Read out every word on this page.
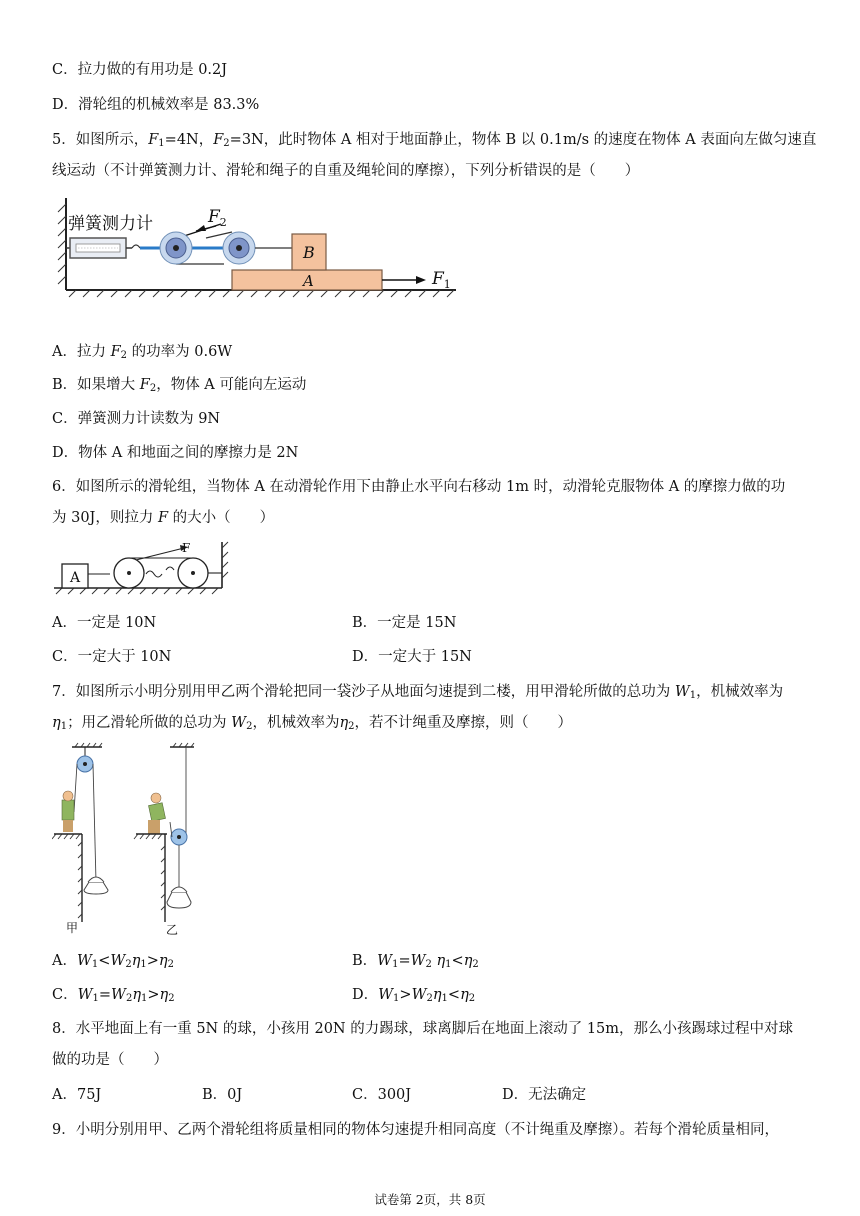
C．拉力做的有用功是 0.2J
D．滑轮组的机械效率是 83.3%
5．如图所示，$F_1=4N$，$F_2=3N$，此时物体 A 相对于地面静止，物体 B 以 0.1m/s 的速度在物体 A 表面向左做匀速直
线运动（不计弹簧测力计、滑轮和绳子的自重及绳轮间的摩擦），下列分析错误的是（　　）
弹簧测力计	$F_2$
$F_1$
B
A
A．拉力 $F_2$ 的功率为 0.6W
B．如果增大 $F_2$，物体 A 可能向左运动
C．弹簧测力计读数为 9N
D．物体 A 和地面之间的摩擦力是 2N
6．如图所示的滑轮组，当物体 A 在动滑轮作用下由静止水平向右移动 1m 时，动滑轮克服物体 A 的摩擦力做的功
为 30J，则拉力 F 的大小（　　）
A
F
A．一定是 10N	B．一定是 15N
C．一定大于 10N	D．一定大于 15N
7．如图所示小明分别用甲乙两个滑轮把同一袋沙子从地面匀速提到二楼，用甲滑轮所做的总功为 $W_1$，机械效率为
$\eta_1$；用乙滑轮所做的总功为 $W_2$，机械效率为$\eta_2$，若不计绳重及摩擦，则（　　）
甲	乙
A．$W_1<W_2\eta_1>\eta_2$	B．$W_1=W_2$ $\eta_1<\eta_2$
C．$W_1=W_2\eta_1>\eta_2$	D．$W_1>W_2\eta_1<\eta_2$
8．水平地面上有一重 5N 的球，小孩用 20N 的力踢球，球离脚后在地面上滚动了 15m，那么小孩踢球过程中对球
做的功是（　　）
A．75J	B．0J	C．300J	D．无法确定
9．小明分别用甲、乙两个滑轮组将质量相同的物体匀速提升相同高度（不计绳重及摩擦）。若每个滑轮质量相同，
试卷第 2页，共 8页
